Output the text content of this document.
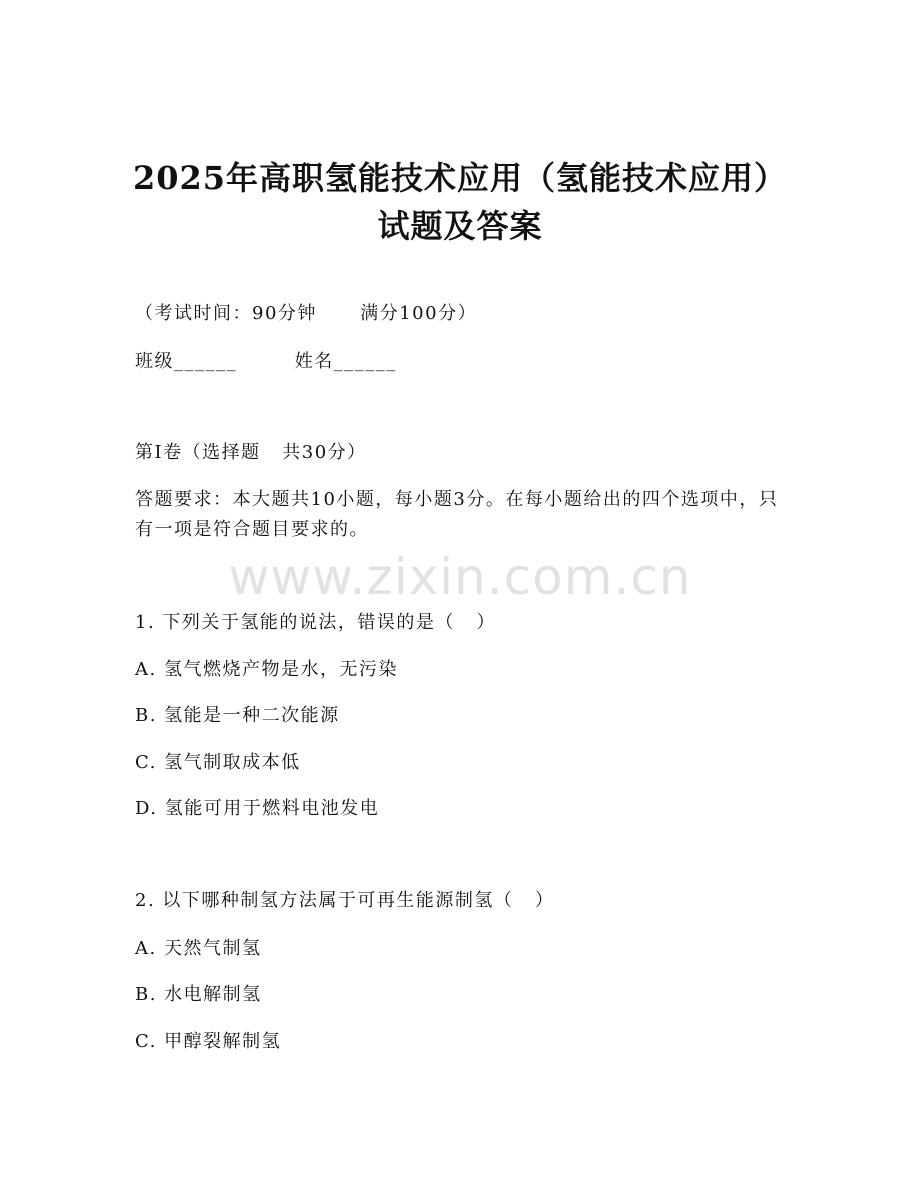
2025年高职氢能技术应用（氢能技术应用）
试题及答案
（考试时间：90分钟      满分100分）
班级______        姓名______
第I卷（选择题   共30分）
答题要求：本大题共10小题，每小题3分。在每小题给出的四个选项中，只有一项是符合题目要求的。
www.zixin.com.cn
1. 下列关于氢能的说法，错误的是（   ）
A. 氢气燃烧产物是水，无污染
B. 氢能是一种二次能源
C. 氢气制取成本低
D. 氢能可用于燃料电池发电
2. 以下哪种制氢方法属于可再生能源制氢（   ）
A. 天然气制氢
B. 水电解制氢
C. 甲醇裂解制氢
